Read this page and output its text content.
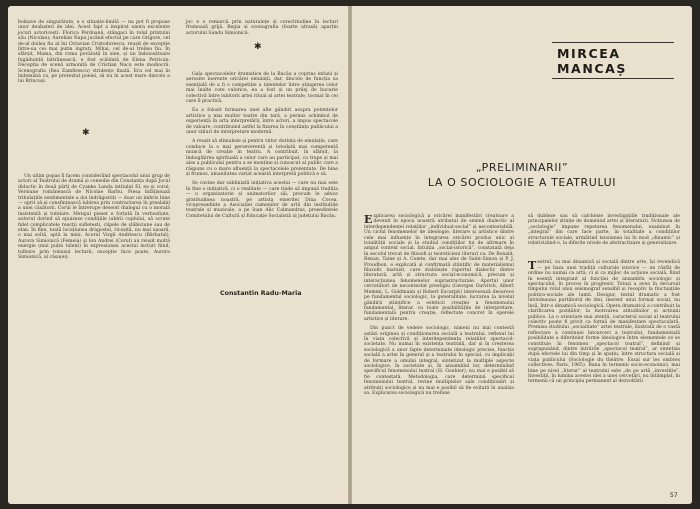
bolnave de singurătate, e o situație-limită — nu pot fi propuse unor deubateri de idei. Acest fapt a inspirat unora excelente jocuri actoricești: Florica Perdoană, stângaci în rolul prințului său (Nicolae); Aurelian Napu jucând efectul pe care Grigore, cel de-al doilea fiu al lui Octavian Cristodorescu, reușit de exceptie între-ua cei mai putin ingrati, Mihai, cel de-al treilea fiu. În sfârșit, Mama, din roma povărată în sine, și un îndoiosătoare fugăduință bătrânească, e fost scăldată de Elena Petrican. Decepția de scenă armonită de Cristian Nacu este mediocră. Scenografia (Ilea Zamfirescu) stridențe fixată. Era cel mai în îndemână ca, pe pretextul poeiei, să nu în acest mare dincolo a lui Brincuși.

✱

Un ultim popas îl facem considerând spectacolul unui grup de actori al Teatrului de dramă și comedie din Constanța după Jocul didactic în două părți de Cyanko Landa intitulat El, ea și corul. Versiune românească de Nicolae Barbu. Piesa înfățișează tribulațiile sentimentale a doi îndrăgostiți — doar un imbris bine — oprit să-și consfințească iubirea prin contractarea în prealabil a unei căsătorii. Corul le întrerupe deseori dialogul cu o morală insistentă și tutelare. Metajul pieset e forțată în verbozitate, autorul dorind să epuizeze condițiile iubirii cuplului, să scrute fidel complicatele reacții sufletești, clipele de slăbiciune sau de elan. În fine, toată locațiunea dragostei, ricoșită, nu mai ușoară, o mai soltă, aptă la mini. Acorul Virgil Andriescu (Bărbatul), Aurora Simionică (Femeia) și Ion Andrei (Corul) au reușit multă energie (mai puțin talent) în expresiunea acestui lecturi fiind, tulbure prin tonusul lecturii; excepție face poate, Aurora Simionică, al căsa(ei).

joc e o remarcă prin naturalețe și corectitudine în lecturi frumoasă grijă. Regia și scenografia (foarte atrasă) aparțin actorului Sandu Simionică.

✱

Gala spectacolelor dramatice de la Bacău a coprins infuzii și aerosite inerente oricărei emulații, dar, dincolo de funcția sa esențială de a fi o competiție a talentelor între atingerea celor mai înalte cote valorice, ea a fost și un prilej de bucurie colectivă între iubitorii artei ritual al artei teatrale, tocmai în cei care îl practică.

Ea a folosit formarea unei alte gândiri asupra potențelor artistice a mai multor teatre din țară, a permis schimbul de experiență în arta interpretării, între actori, a impus spectacole de valoare, contribuind astfel la fixarea în conștiința publicului a unor stiluri de interpretare modernă.

A reușit să stimuleze și pentru viitor dorința de emulație, care conduce la o mai perseverentă și totodată mai competentă muncă de creație în teatru. A contribuit, în sfârșit, la îmbogățirea spirituală a celor care au participat, ca trupe și mai ales a publicului pentru a se menține și cunoscut al public care a răspuns cu o mare afluență la spectacolele prezentate. De bine și frumos, umanitatea variat această interpretă politică e să.

Se cuvine dar subliniată inițiativa acestui — care nu mai este în fine o inițiativă, ci o realitate — care tinde să impună tradiția — o organizatorie și animatorilor săi, precum le aduce gratitudinea noastră, pe artista emeritei Dina Cocea, vicepreședinte a Asociației oamenilor de artă din instituțiile teatrale și muzicale, a pe Ioan Alic Calmandras, președintele Comitetului de Cultură și Educație Socialistă al județului Bacău.

Constantin Radu-Maria
MIRCEA
MANCAȘ
„PRELIMINARII”
LA O SOCIOLOGIE A TEATRULUI

Explicarea sociologică a oricărei manifestări creatoare a devenit în epoca noastră atributul de semnă dialectic al interdependenței relațiilor „individual-social” și necontestabilă. Un ciclul fenomenelor de ideologie, literare și artistice dintre cele mai influențe în integrarea oricărei produs unic al totalității sociale și la studiul condițiilor lui de afirmare în ampul context social. Intuiția „social-istorică”, constatată deja în secolul trecut de filosofi și teoreticieni literari ca: De Bonald, Renan, Taine și A. Comte, dar mai ales de Saint-Simon și P. J. Proudhon, e explicată și confirmată științific de materialismul filozofic marxist, care stabilește raportul dialectic dintre literatură, artă și structura social-economică, precum și interacțiunea fenomenelor suprastructurale. Aportul unor cercetători de necontestat prestigiu (Georges Gurvitch, Albert Memmi, L. Goldmann și Robert Escarpit) interesează deoarece pe fundamentul sociologic, la generalitate, lucrarea la nivelul gândirii științifice a esteticii creației a fenomenului fundamental, literar, cu toate posibilitățile de interpretare, fundamentală pentru creație, reflectate concret în operele artistice și literare.

Din punct de vedere sociologic, nimeni nu mai contestă astăzi originea și condiționarea socială a teatrului, reflexul lui în viața colectivă și interdependența relațiilor spectacol-societate. Nu numai în existența teatrală, dar și în creșterea sociologică a unor fapte determinate ideologic precise, funcția socială a artei în general și a teatrului în special, cu implicații de formare a omului integral, sintetizat la multiple aspecte sociologice, în societate și, în ansamblul lor, determinând specificul fenomenului teatral (H. Gouhier), nu mai e posibil să fie contestată. Metodologia, care determină specificul fenomenului teatral, revine multiplelor sale condiționări și atribuții sociologice și nu mai e posibil să fie evitată în analiza sa. Explicarea sociologică nu trebuie

să dubleze sau să calchieze investigațiile tradiționale ale principalelor științe de domeniul artei și literaturii. Noțiunea de „sociologie” impune repetarea fenomenului, examinat în „integral” din care face parte, în totalitate a condițiilor structurale sociale, urmărind tensiunea lui în mod „dinamic” și relativizând-o, la diferite nivele de abstractizare și generalizare.

Teatrul, ca mai dinamică și socială dintre arte, își revendică — pe baza unei tradiții culturale istorice — un răsfăț de ordine nu numai ca artă, ci și ca mijloc de acțiune socială, fiind în esență integrant al funcției de ansamblu sociologic și spectacolul, în proces în progresiv. Totuși a avea în decursul timpului rolul unui seismograf sensibil și receptiv la fluctuațiile politico-sociale ale lumii. Desigur, textul dramatic a fost întotdeauna purtătorul de idei, inerent unui format social, nu însă, într-o dinamică sociologică. Opera dramatică a contribuit la clarificarea pozițiilor, la motivarea atitudinilor și acțiunii publice. La o orientare mai atentă, caracterul social al teatrului colectiv poate fi privit ca formă de manifestare spectaculară. Premisa studiului „socialitate” artei teatrale, ilustrată de o vastă reflectare a continuei întoarceri a teatrului, fundamentală posibilitate a diferitelor forme ideologice între elementele ce se constituie în fenomen „spectacol teatral”, definind și suprapunând, dintre intrările „spectacol teatral”, ar sintetiza după efectele lui din timp și în spațiu, între structura socială și viața publicului (Sociologie du théâtre. Essai sur les ombres collectives, Paris, 1965). Buna în termenii socio-economici, mai bine pe nivel „literar” al teatrului este „de pe artă „investiție”. Investiții, în lumina acestei idei a unei cercetări, nu întâmplat, în termenii că un principiu permanent al dezvoltării

57
